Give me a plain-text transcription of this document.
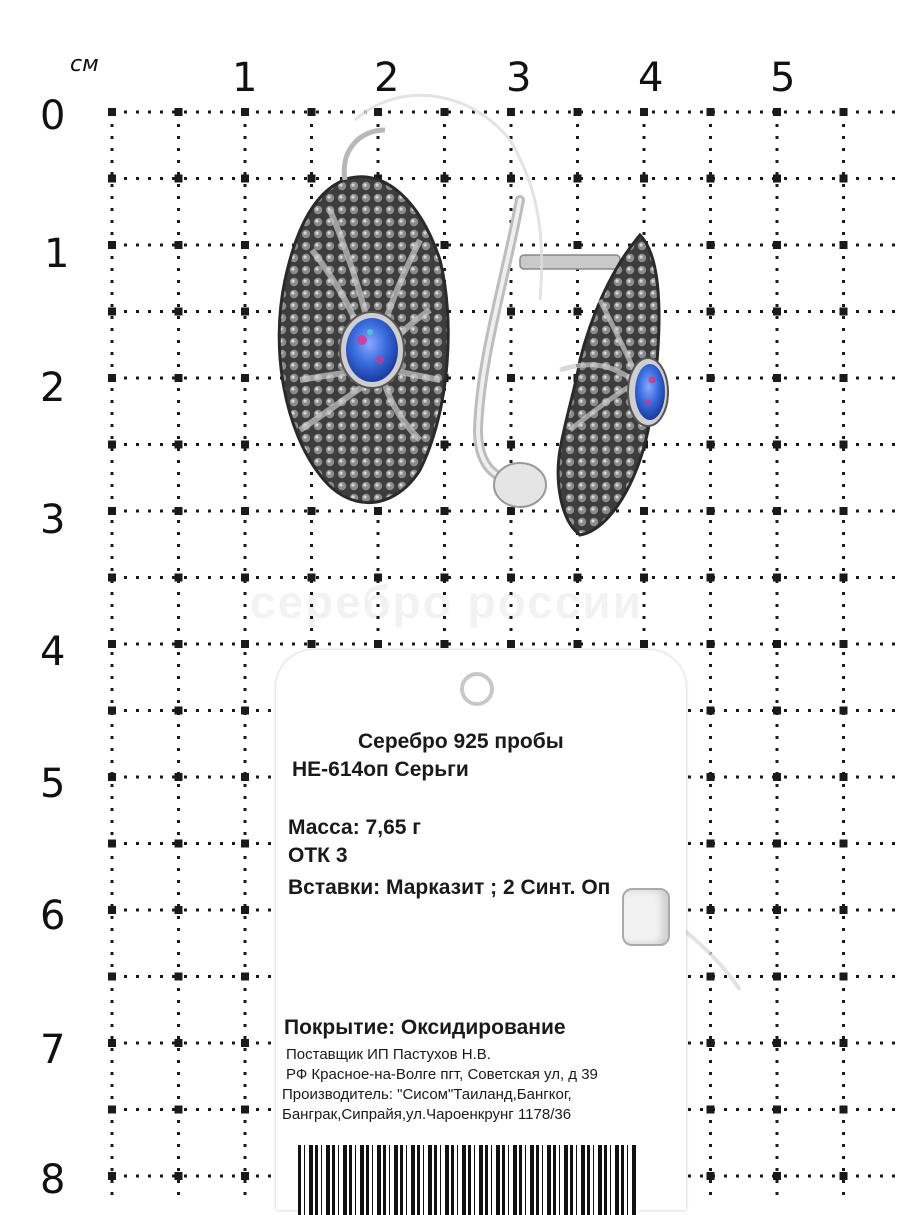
см	1	2	3	4	5
0
1
2
3
4
5
6
7
8
серебро россии
Серебро 925 пробы
НЕ-614оп Серьги
Масса: 7,65 г
ОТК 3
Вставки: Марказит ; 2 Синт. Оп
Покрытие: Оксидирование
Поставщик ИП Пастухов Н.В.
РФ Красное-на-Волге пгт, Советская ул, д 39
Производитель: "Сисом"Таиланд,Бангког,
Банграк,Сипрайя,ул.Чароенкрунг 1178/36
